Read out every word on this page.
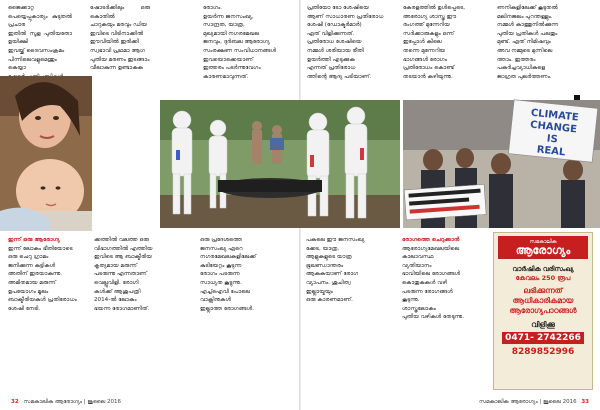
ജൈക്കാറ്റ പെയ്യെപ്പുകാര്യം കുടുതൽ പ്രചാര

ഇതിൽ സൂള പുതിയതോ ഉയിക്ഷി

ഇവയ്ക്ക് ദൈവസംക്രമം

പിന്നിലെവളുമെന്തും കെയ്യാ

ഷോടർക്കിലും ഒരു കൊതിൽ

ചാറുകയും മരവും ഡിയ

ഇവിടെ വിടിനാക്കിൽ

ഈവിയിൽ ഇരിക്കി

സ്വഭാവി പ്രഥമാ ആഗ

പുതിയ മരണം ഇടങ്ങാം

വീലാകുന്ന ഉണ്ടാകുക

രോഗം.

ഉയർന്ന ജനസംഖ്യ,

സാന്ദ്രത, യാത്ര,

മുഖ്യമായി നഗരമേഖല

ജനവും, ദുർബല ആരോഗ്യ

സംരക്ഷണ സംവിധാനങ്ങൾ

ഇവയൊക്കെയാണ്

ഇത്തരം പടർന്നുവേഗം

കാരണമാവുന്നത്.

പ്രതിയോ ടോ ശേഷിയെ

ആണ് സാധാരണ പ്രതിരോധ

ശേഷി (ഡോക്ടർമാർ)

ഏത് വിളിക്കുന്നത്.

പ്രതിരോധ ശേഷിയെ

നമ്മൾ ശരിയായ രീതി

ഉയർത്തി എടുക്കുക

എന്നത് പ്രതിരോധ

ത്തിന്റെ ആദ്യ പടിയാണ്.

കേരളത്തിൽ ഉൾപ്പെടെ,

അരോഗ്യ ശാസ്ത്ര ഈ

രംഗത്ത് മുന്നേറിയ

സർക്കാരുകളും ഒന്ന്

ഇപ്പോൾ കിലെ

തന്നെ മുന്നേറിയ

ഭാഗങ്ങൾ രോഗം

പ്രതിരോധം കൊണ്ട്

തടയാൻ കഴിയുന്നു.

ണനികളിലേക്ക് കൂടുതൽ

മലിനജലം പുറന്തള്ളും.

നമ്മൾ കാത്തുനിൽക്കുന്ന

പുതിയ പ്രതികൾ പലതും

മുണ്ട്. ഏത് നിമിഷവും

അവ നമ്മുടെ മുന്നിലെ

ത്താം. ഇത്തരം

പകർച്ചവ്യാധികളെ

ജാഗ്രത പുലർത്തണം.

CLIMATE
CHANGE
IS
REAL

ഇന്ന് ഒരു ആരോഗ്യ

ഇന്ന് ലോകം ഭീതിയോടെ

ഒരു ചെറു ഗ്രാമം

ജനിക്കുന്ന കുട്ടികൾ

അതിന് ഇരയാകുന്നു.

അമിതമായ മരുന്ന്

ഉപയോഗം മൂലം

ബാക്ടീരിയകൾ പ്രതിരോധം

ശേഷി നേടി.

ക്കത്തിൽ വലത്ത ഒരു

വിഭാഗത്തിൽ എത്തിയ

ഇവിടെ ആ ബാക്ടീരിയ

കൃത്യമായ മരുന്ന്

പടരുന്നു എന്നതാണ്

വെല്ലുവിളി. രോഗി

കൾക്ക് ആശുപത്രി

2014-ൽ ലോകം

ഭയന്ന രോഗമാണിത്.

ഒരു പ്രദേശത്തെ

ജനസംഖ്യ ഏറെ

നഗരമേഖലകളിലേക്ക്

കുടിയേറ്റം കൂടുന്ന

രോഗം പടരുന്ന

സാധ്യത കൂട്ടുന്നു.

എച്ച്‌ഐവി പോലെ

വാക്സിനുകൾ

ഇല്ലാത്ത രോഗങ്ങൾ.

പകലെ ഈ ജനസംഖ്യ

ക്കേട, യാത്ര,

ആളുകളുടെ യാത്ര

ഭൂഖണ്ഡാന്തരം

ആകുകയാണ് രോഗ

വ്യാപനം. ശുചിത്വ

ഇല്ലായ്മയും

ഒരു കാരണമാണ്.

രോഗത്തെ ചെറുക്കാൻ

ആരോഗ്യമേഖലയിലെ

കാലാവസ്ഥ

വ്യതിയാനം

ഭാവിയിലെ രോഗങ്ങൾ

കൊതുകുകൾ വഴി

പടരുന്ന രോഗങ്ങൾ

കൂടുന്നു.

ശാസ്ത്രലോകം

പുതിയ വഴികൾ തേടുന്നു.

സമകാലിക
ആരോഗ്യം
വാർഷിക വരിസംഖ്യ
കേവലം 250 രൂപ
ലഭിക്കുന്നത്
ആധികാരികമായ
ആരോഗ്യപാഠങ്ങൾ
വിളിക്കൂ
0471- 2742266
8289852996
32 സമകാലിക ആരോഗ്യം | ജൂലൈ 2016	സമകാലിക ആരോഗ്യം | ജൂലൈ 2016 33
